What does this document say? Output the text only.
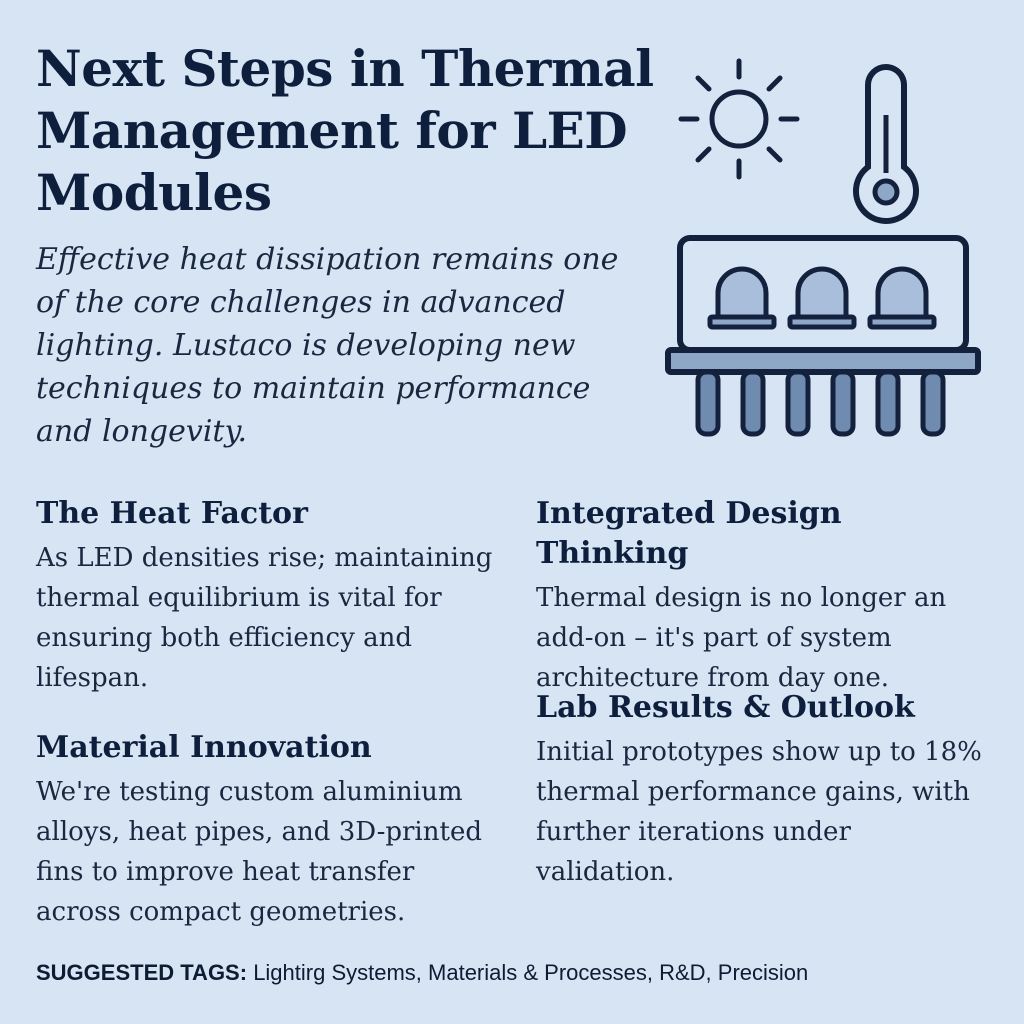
Next Steps in Thermal Management for LED Modules

Effective heat dissipation remains one of the core challenges in advanced lighting. Lustaco is developing new techniques to maintain performance and longevity.

The Heat Factor

As LED densities rise; maintaining thermal equilibrium is vital for ensuring both efficiency and lifespan.

Material Innovation

We're testing custom aluminium alloys, heat pipes, and 3D-printed fins to improve heat transfer across compact geometries.

Integrated Design Thinking

Thermal design is no longer an add-on – it's part of system architecture from day one.

Lab Results & Outlook

Initial prototypes show up to 18% thermal performance gains, with further iterations under validation.

SUGGESTED TAGS: Lightirg Systems, Materials & Processes, R&D, Precision
